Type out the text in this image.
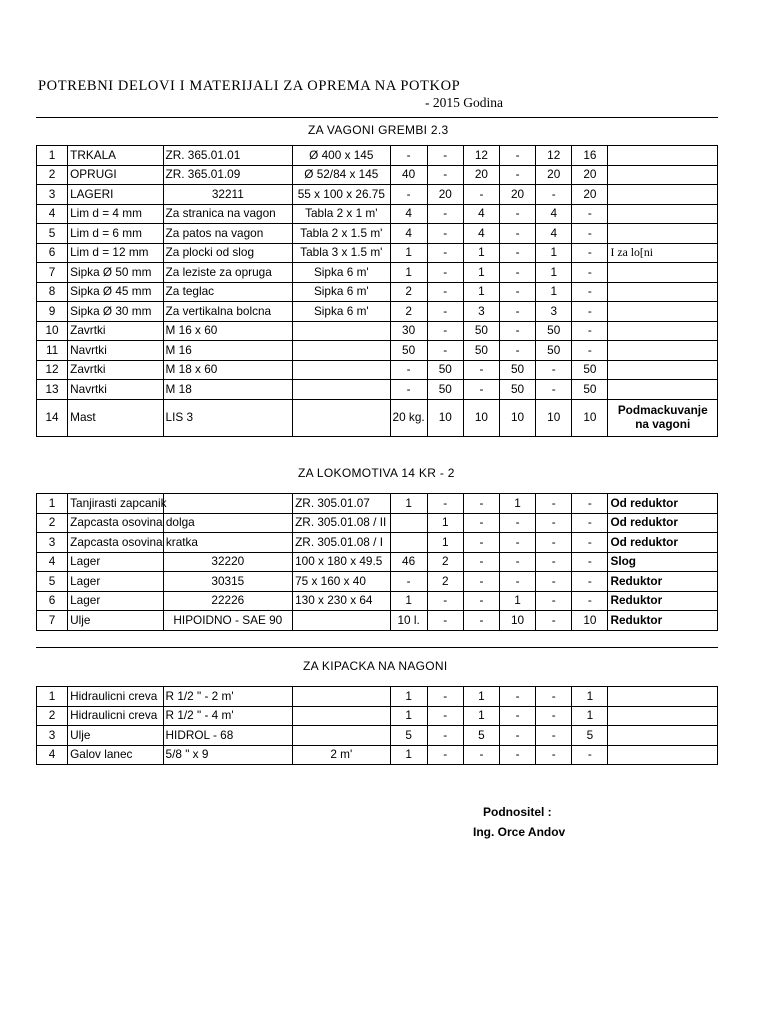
POTREBNI DELOVI I MATERIJALI ZA OPREMA NA POTKOP
- 2015 Godina
ZA VAGONI GREMBI 2.3
1	TRKALA	ZR. 365.01.01	Ø 400 x 145	-	-	12	-	12	16	
2	OPRUGI	ZR. 365.01.09	Ø 52/84 x 145	40	-	20	-	20	20	
3	LAGERI	32211	55 x 100 x 26.75	-	20	-	20	-	20	
4	Lim d = 4 mm	Za stranica na vagon	Tabla 2 x 1 m'	4	-	4	-	4	-	
5	Lim d = 6 mm	Za patos na vagon	Tabla 2 x 1.5 m'	4	-	4	-	4	-	
6	Lim d = 12 mm	Za plocki od slog	Tabla 3 x 1.5 m'	1	-	1	-	1	-	I za lo[ni
7	Sipka Ø 50 mm	Za leziste za opruga	Sipka 6 m'	1	-	1	-	1	-	
8	Sipka Ø 45 mm	Za teglac	Sipka 6 m'	2	-	1	-	1	-	
9	Sipka Ø 30 mm	Za vertikalna bolcna	Sipka 6 m'	2	-	3	-	3	-	
10	Zavrtki	M 16 x 60		30	-	50	-	50	-	
11	Navrtki	M 16		50	-	50	-	50	-	
12	Zavrtki	M 18 x 60		-	50	-	50	-	50	
13	Navrtki	M 18		-	50	-	50	-	50	
14	Mast	LIS 3		20 kg.	10	10	10	10	10	Podmackuvanje na vagoni
ZA LOKOMOTIVA 14 KR - 2
1	Tanjirasti zapcanik		ZR. 305.01.07	1	-	-	1	-	-	Od reduktor
2	Zapcasta osovina dolga		ZR. 305.01.08 / II		1	-	-	-	-	Od reduktor
3	Zapcasta osovina kratka		ZR. 305.01.08 / I		1	-	-	-	-	Od reduktor
4	Lager	32220	100 x 180 x 49.5	46	2	-	-	-	-	Slog
5	Lager	30315	75 x 160 x 40	-	2	-	-	-	-	Reduktor
6	Lager	22226	130 x 230 x 64	1	-	-	1	-	-	Reduktor
7	Ulje	HIPOIDNO - SAE 90		10 l.	-	-	10	-	10	Reduktor
ZA KIPACKA NA NAGONI
1	Hidraulicni creva	R 1/2 " - 2 m'		1	-	1	-	-	1	
2	Hidraulicni creva	R 1/2 " - 4 m'		1	-	1	-	-	1	
3	Ulje	HIDROL - 68		5	-	5	-	-	5	
4	Galov lanec	5/8 " x 9	2 m'	1	-	-	-	-	-	
Podnositel :
Ing. Orce Andov
